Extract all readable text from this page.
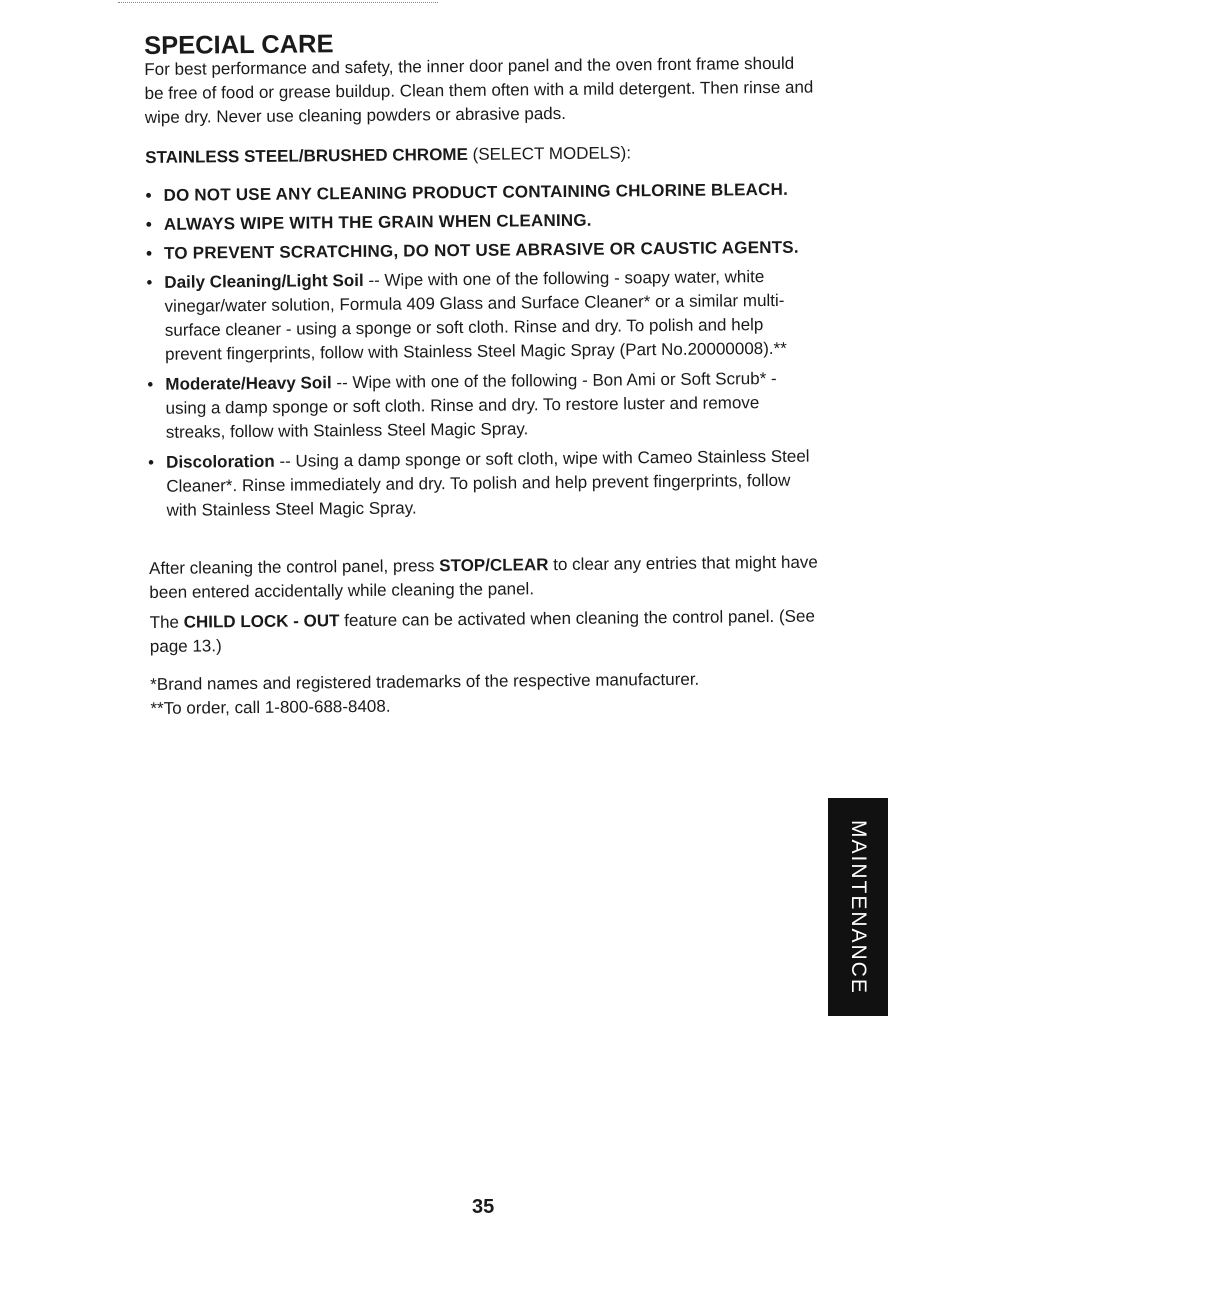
SPECIAL CARE

For best performance and safety, the inner door panel and the oven front frame should be free of food or grease buildup. Clean them often with a mild detergent. Then rinse and wipe dry. Never use cleaning powders or abrasive pads.

STAINLESS STEEL/BRUSHED CHROME (SELECT MODELS):

• DO NOT USE ANY CLEANING PRODUCT CONTAINING CHLORINE BLEACH.
• ALWAYS WIPE WITH THE GRAIN WHEN CLEANING.
• TO PREVENT SCRATCHING, DO NOT USE ABRASIVE OR CAUSTIC AGENTS.
• Daily Cleaning/Light Soil -- Wipe with one of the following - soapy water, white vinegar/water solution, Formula 409 Glass and Surface Cleaner* or a similar multi-surface cleaner - using a sponge or soft cloth. Rinse and dry. To polish and help prevent fingerprints, follow with Stainless Steel Magic Spray (Part No.20000008).**
• Moderate/Heavy Soil -- Wipe with one of the following - Bon Ami or Soft Scrub* - using a damp sponge or soft cloth. Rinse and dry. To restore luster and remove streaks, follow with Stainless Steel Magic Spray.
• Discoloration -- Using a damp sponge or soft cloth, wipe with Cameo Stainless Steel Cleaner*. Rinse immediately and dry. To polish and help prevent fingerprints, follow with Stainless Steel Magic Spray.

After cleaning the control panel, press STOP/CLEAR to clear any entries that might have been entered accidentally while cleaning the panel.

The CHILD LOCK - OUT feature can be activated when cleaning the control panel. (See page 13.)

*Brand names and registered trademarks of the respective manufacturer.

**To order, call 1-800-688-8408.

MAINTENANCE
35
